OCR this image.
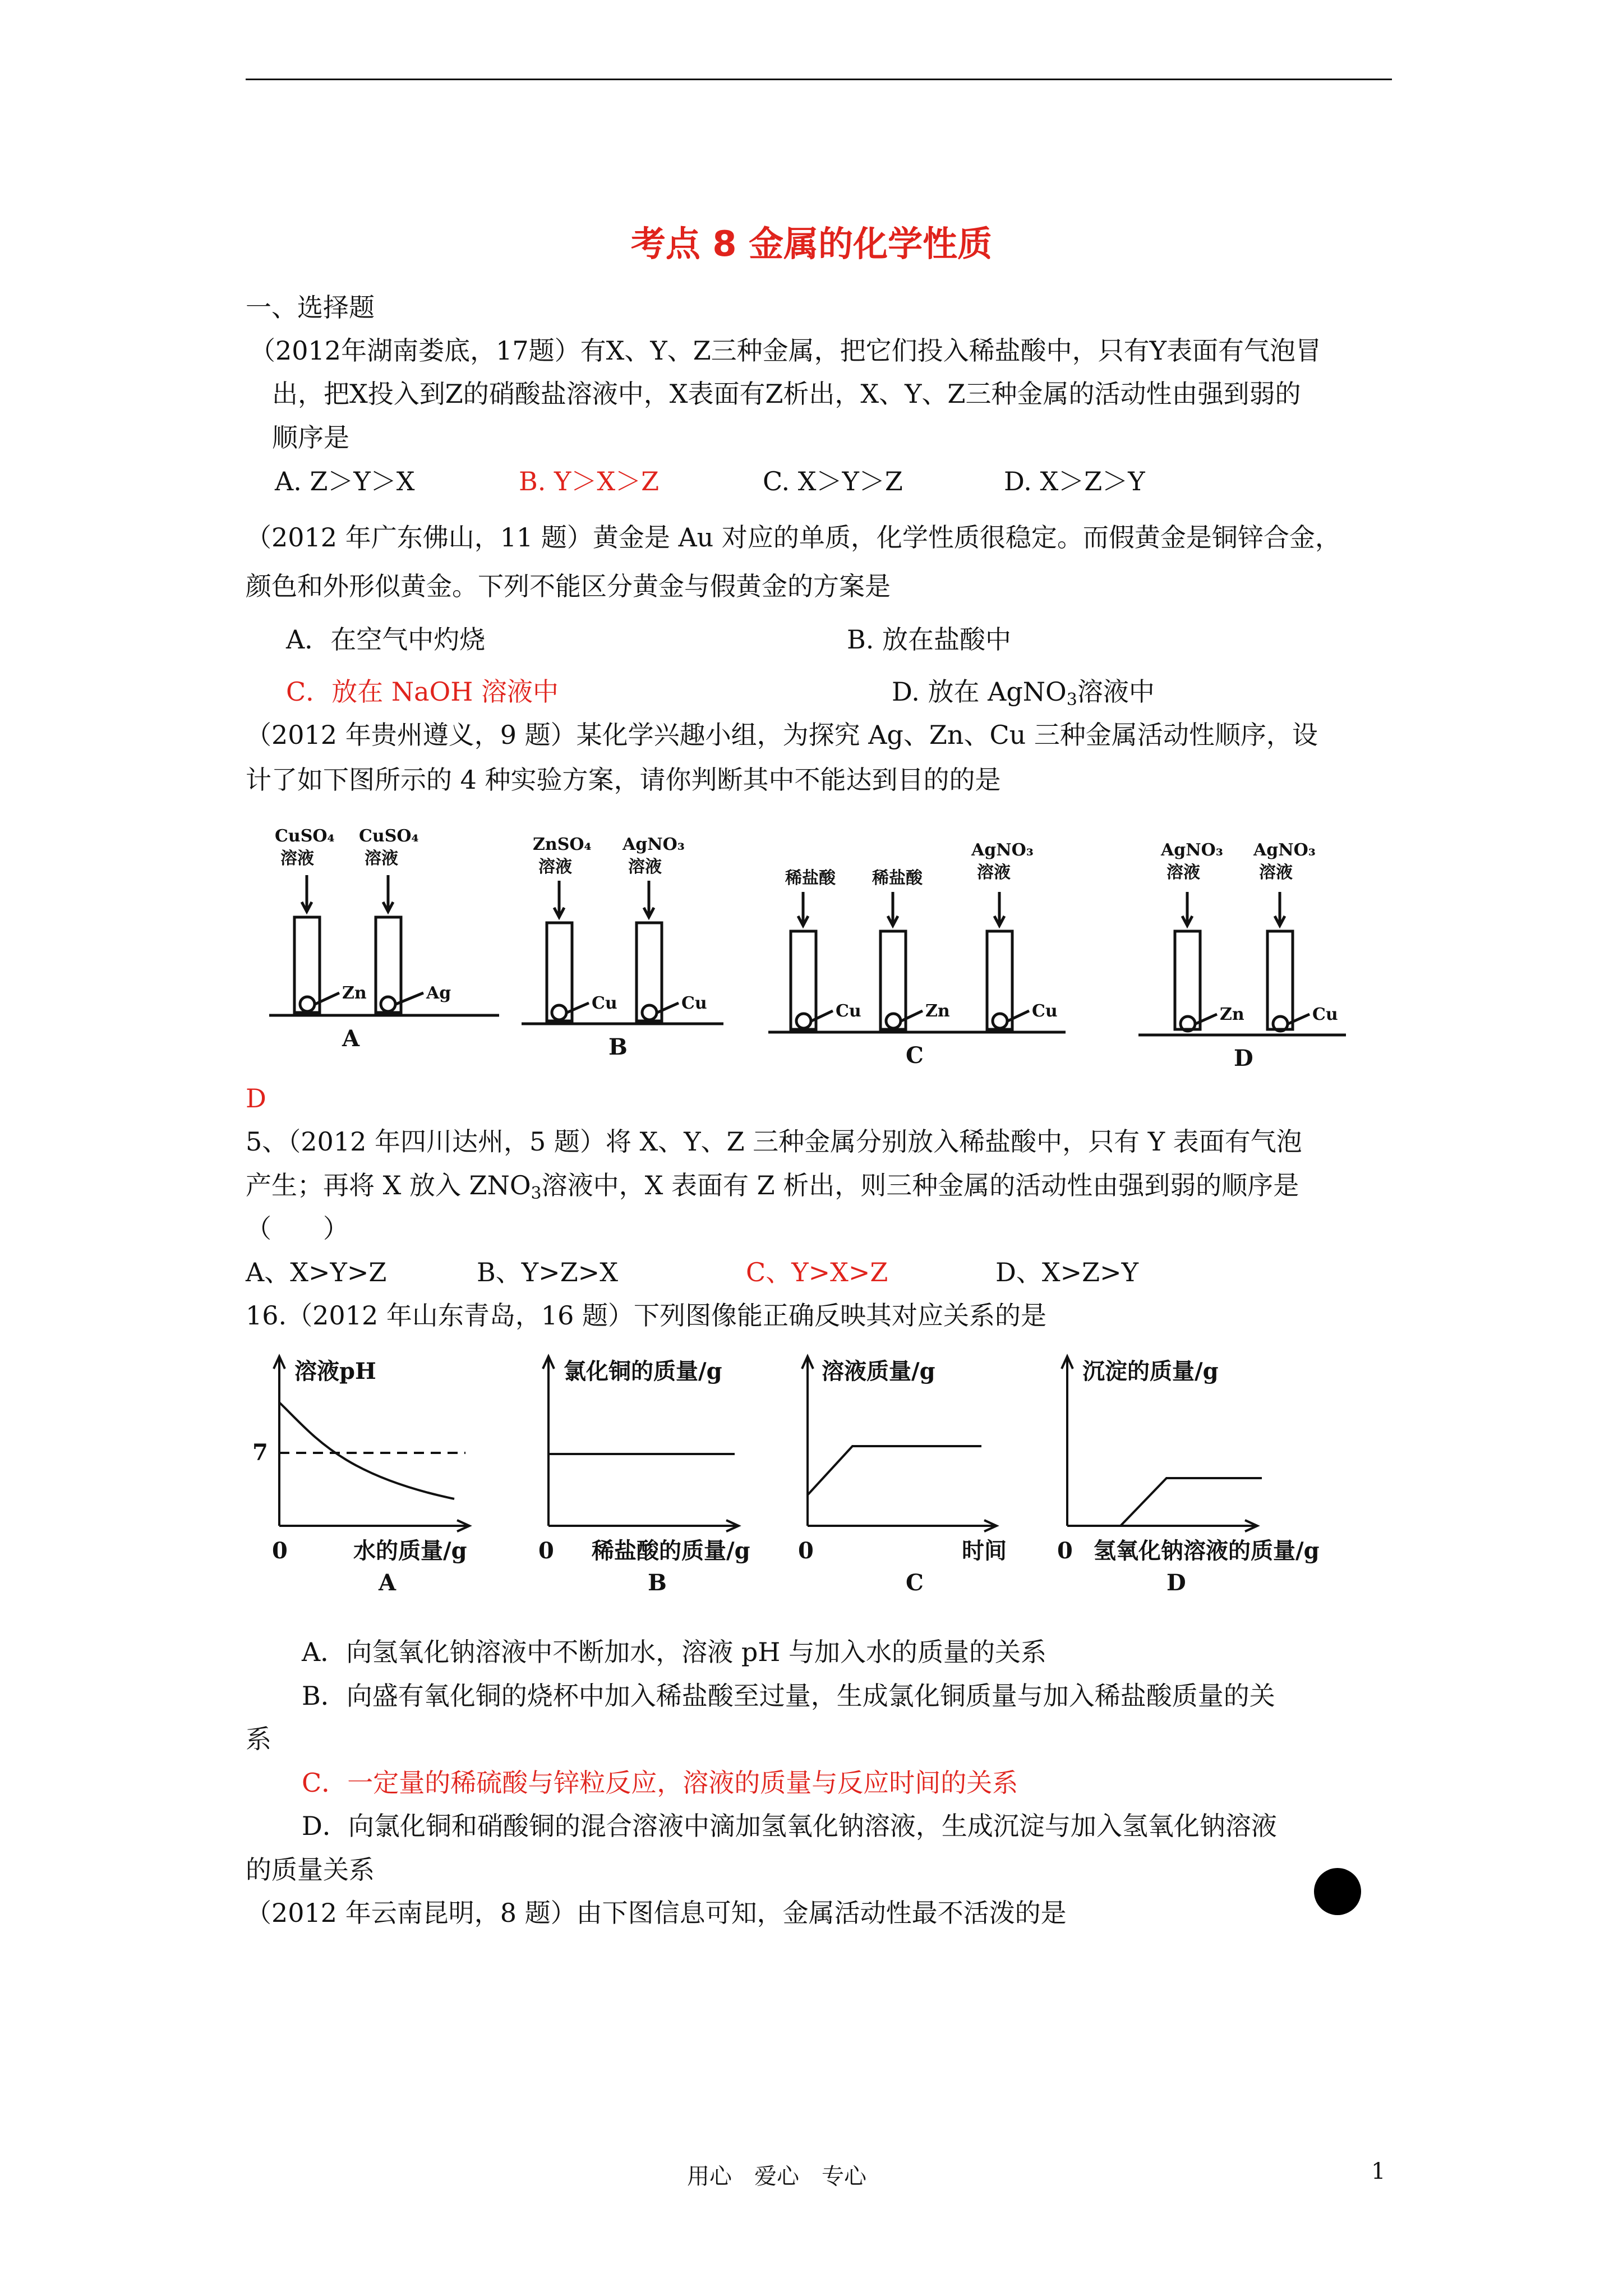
考点 8 金属的化学性质
一、选择题
（2012年湖南娄底，17题）有X、Y、Z三种金属，把它们投入稀盐酸中，只有Y表面有气泡冒
出，把X投入到Z的硝酸盐溶液中，X表面有Z析出，X、Y、Z三种金属的活动性由强到弱的
顺序是
A. Z＞Y＞X	B. Y＞X＞Z	C. X＞Y＞Z	D. X＞Z＞Y
（2012 年广东佛山，11 题）黄金是 Au 对应的单质，化学性质很稳定。而假黄金是铜锌合金，
颜色和外形似黄金。下列不能区分黄金与假黄金的方案是
A．在空气中灼烧	B. 放在盐酸中
C．放在 NaOH 溶液中	D. 放在 AgNO$_3$溶液中
（2012 年贵州遵义，9 题）某化学兴趣小组，为探究 Ag、Zn、Cu 三种金属活动性顺序，设
计了如下图所示的 4 种实验方案，请你判断其中不能达到目的的是
CuSO₄
溶液
CuSO₄
溶液
Zn	Ag
ZnSO₄
溶液
AgNO₃
溶液
Cu	Cu
稀盐酸 稀盐酸
AgNO₃
溶液
Cu	Zn	Cu
AgNO₃
溶液
AgNO₃
溶液
Zn	Cu
A	B	C	D
D
5、（2012 年四川达州，5 题）将 X、Y、Z 三种金属分别放入稀盐酸中，只有 Y 表面有气泡
产生；再将 X 放入 $ZNO_3$溶液中，X 表面有 Z 析出，则三种金属的活动性由强到弱的顺序是
（　　）
A、X>Y>Z	B、Y>Z>X	C、Y>X>Z	D、X>Z>Y
16.（2012 年山东青岛，16 题）下列图像能正确反映其对应关系的是
溶液pH
7
0	水的质量/g
A
氯化铜的质量/g
0 稀盐酸的质量/g
B
溶液质量/g
0	时间
C
沉淀的质量/g
0 氢氧化钠溶液的质量/g
D
A．向氢氧化钠溶液中不断加水，溶液 pH 与加入水的质量的关系
B．向盛有氧化铜的烧杯中加入稀盐酸至过量，生成氯化铜质量与加入稀盐酸质量的关
系
C．一定量的稀硫酸与锌粒反应，溶液的质量与反应时间的关系
D．向氯化铜和硝酸铜的混合溶液中滴加氢氧化钠溶液，生成沉淀与加入氢氧化钠溶液
的质量关系
（2012 年云南昆明，8 题）由下图信息可知，金属活动性最不活泼的是
用心　爱心　专心	1
